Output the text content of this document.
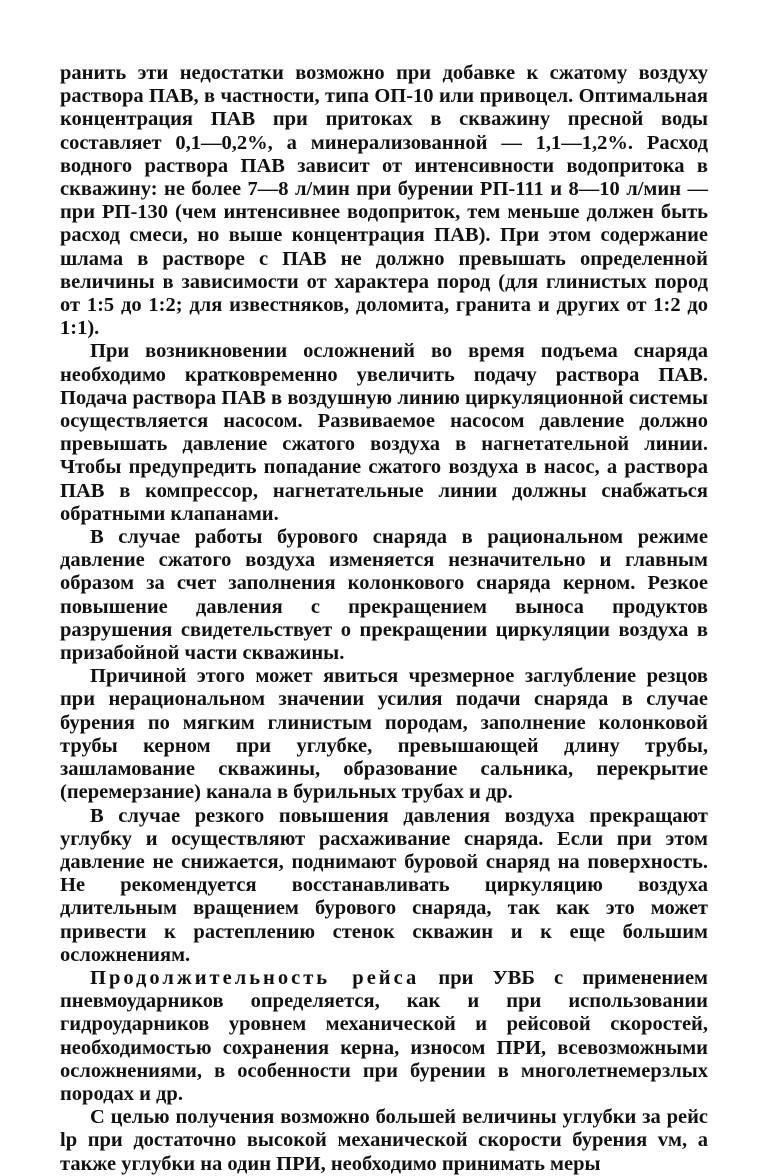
ранить эти недостатки возможно при добавке к сжатому воздуху раствора ПАВ, в частности, типа ОП-10 или привоцел. Оптимальная концентрация ПАВ при притоках в скважину пресной воды составляет 0,1—0,2%, а минерализованной — 1,1—1,2%. Расход водного раствора ПАВ зависит от интенсивности водопритока в скважину: не более 7—8 л/мин при бурении РП-111 и 8—10 л/мин — при РП-130 (чем интенсивнее водоприток, тем меньше должен быть расход смеси, но выше концентрация ПАВ). При этом содержание шлама в растворе с ПАВ не должно превышать определенной величины в зависимости от характера пород (для глинистых пород от 1:5 до 1:2; для известняков, доломита, гранита и других от 1:2 до 1:1).

При возникновении осложнений во время подъема снаряда необходимо кратковременно увеличить подачу раствора ПАВ. Подача раствора ПАВ в воздушную линию циркуляционной системы осуществляется насосом. Развиваемое насосом давление должно превышать давление сжатого воздуха в нагнетательной линии. Чтобы предупредить попадание сжатого воздуха в насос, а раствора ПАВ в компрессор, нагнетательные линии должны снабжаться обратными клапанами.

В случае работы бурового снаряда в рациональном режиме давление сжатого воздуха изменяется незначительно и главным образом за счет заполнения колонкового снаряда керном. Резкое повышение давления с прекращением выноса продуктов разрушения свидетельствует о прекращении циркуляции воздуха в призабойной части скважины.

Причиной этого может явиться чрезмерное заглубление резцов при нерациональном значении усилия подачи снаряда в случае бурения по мягким глинистым породам, заполнение колонковой трубы керном при углубке, превышающей длину трубы, зашламование скважины, образование сальника, перекрытие (перемерзание) канала в бурильных трубах и др.

В случае резкого повышения давления воздуха прекращают углубку и осуществляют расхаживание снаряда. Если при этом давление не снижается, поднимают буровой снаряд на поверхность. Не рекомендуется восстанавливать циркуляцию воздуха длительным вращением бурового снаряда, так как это может привести к растеплению стенок скважин и к еще большим осложнениям.

Продолжительность рейса при УВБ с применением пневмоударников определяется, как и при использовании гидроударников уровнем механической и рейсовой скоростей, необходимостью сохранения керна, износом ПРИ, всевозможными осложнениями, в особенности при бурении в многолетнемерзлых породах и др.

С целью получения возможно большей величины углубки за рейс lр при достаточно высокой механической скорости бурения vм, а также углубки на один ПРИ, необходимо принимать меры
